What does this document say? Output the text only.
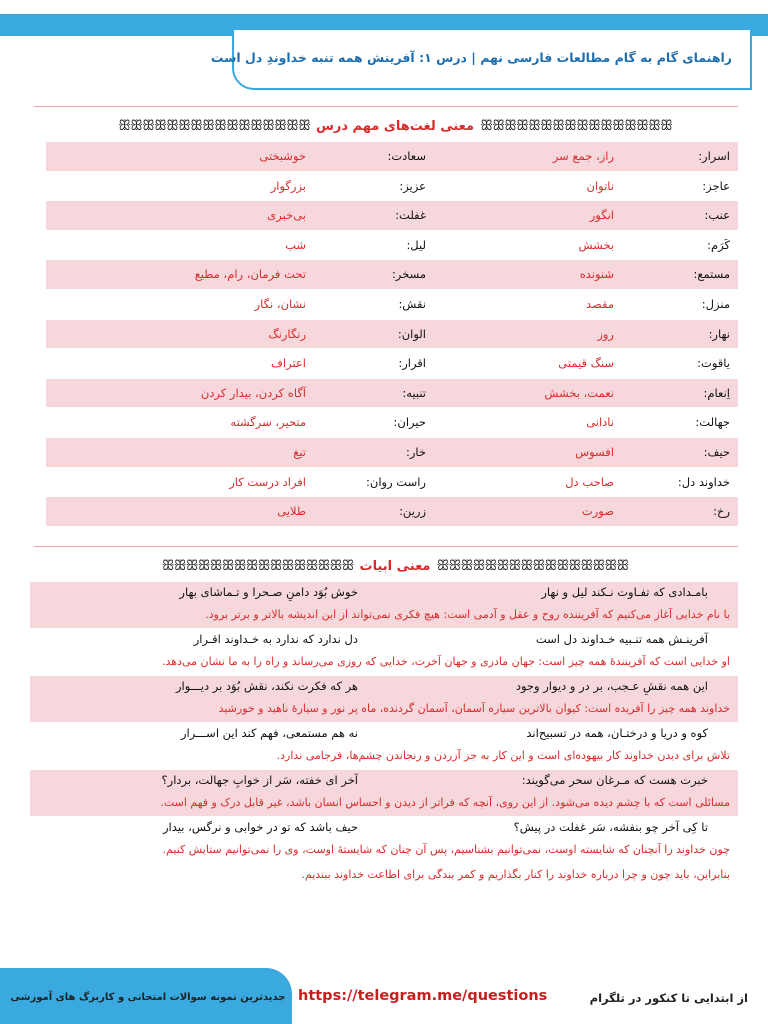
راهنمای گام به گام مطالعات فارسی نهم | درس ۱: آفرینش همه تنبه خداوندِ دل است
ꕥꕥꕥꕥꕥꕥꕥꕥꕥꕥꕥꕥꕥꕥꕥꕥ معنی لغت‌های مهم درس ꕥꕥꕥꕥꕥꕥꕥꕥꕥꕥꕥꕥꕥꕥꕥꕥ
اسرار:
راز، جمع سر
سعادت:
خوشبختی
عاجز:
ناتوان
عزیز:
بزرگوار
عنب:
انگور
غفلت:
بی‌خبری
کَرَم:
بخشش
لیل:
شب
مستمع:
شنونده
مسخر:
تحت فرمان، رام، مطیع
منزل:
مقصد
نقش:
نشان، نگار
نهار:
روز
الوان:
رنگارنگ
یاقوت:
سنگ قیمتی
اقرار:
اعتراف
اِنعام:
نعمت، بخشش
تنبیه:
آگاه کردن، بیدار کردن
جهالت:
نادانی
حیران:
متحیر، سرگشته
حیف:
افسوس
خار:
تیغ
خداوند دل:
صاحب دل
راست روان:
افراد درست کار
رخ:
صورت
زرین:
طلایی
ꕥꕥꕥꕥꕥꕥꕥꕥꕥꕥꕥꕥꕥꕥꕥꕥ معنی ابیات ꕥꕥꕥꕥꕥꕥꕥꕥꕥꕥꕥꕥꕥꕥꕥꕥ
بامـدادی که تفـاوت نـکند لیل و نهار
خوش بُوَد دامنِ صـحرا و تـماشای بهار
با نام خدایی آغاز می‌کنیم که آفریننده روح و عقل و آدمی است: هیچ فکری نمی‌تواند از این اندیشه بالاتر و برتر برود.
آفرینـش همه تنـبیه خـداوند دل است
دل ندارد که ندارد به خـداوند اقـرار
او خدایی است که آفرینندهٔ همه چیز است: جهان مادری و جهان آخرت، خدایی که روزی می‌رساند و راه را به ما نشان می‌دهد.
این همه نقشِ عـجب، بر در و دیوار وجود
هر که فکرت نکند، نقش بُوَد بر دیـــوار
خداوند همه چیز را آفریده است: کیوان بالاترین سیاره آسمان، آسمان گردنده، ماه پر نور و سیارهٔ ناهید و خورشید
کوه و دریا و درختـان، همه در تسبیح‌اند
نه هم مستمعی، فهم کند این اســـرار
تلاش برای دیدن خداوند کار بیهوده‌ای است و این کار به جز آزردن و رنجاندن چشم‌ها، فرجامی ندارد.
خبرت هست که مـرغان سحر می‌گویند:
آخر ای خفته، سَر از خوابِ جهالت، بردار؟
مسائلی است که با چشم دیده می‌شود. از این روی، آنچه که فراتر از دیدن و احساس انسان باشد، غیر قابل درک و فهم است.
تا کِی آخر چو بنفشه، سَر غفلت در پیش؟
حیف باشد که تو در خوابی و نرگس، بیدار
چون خداوند را آنچنان که شایسته اوست، نمی‌توانیم بشناسیم، پس آن چنان که شایستهٔ اوست، وی را نمی‌توانیم ستایش کنیم.
بنابراین، باید چون و چرا درباره خداوند را کنار بگذاریم و کمر بندگی برای اطاعت خداوند ببندیم.
جدیدترین نمونه سوالات امتحانی و کاربرگ های آموزشی https://telegram.me/questions	از ابتدایی تا کنکور در تلگرام
